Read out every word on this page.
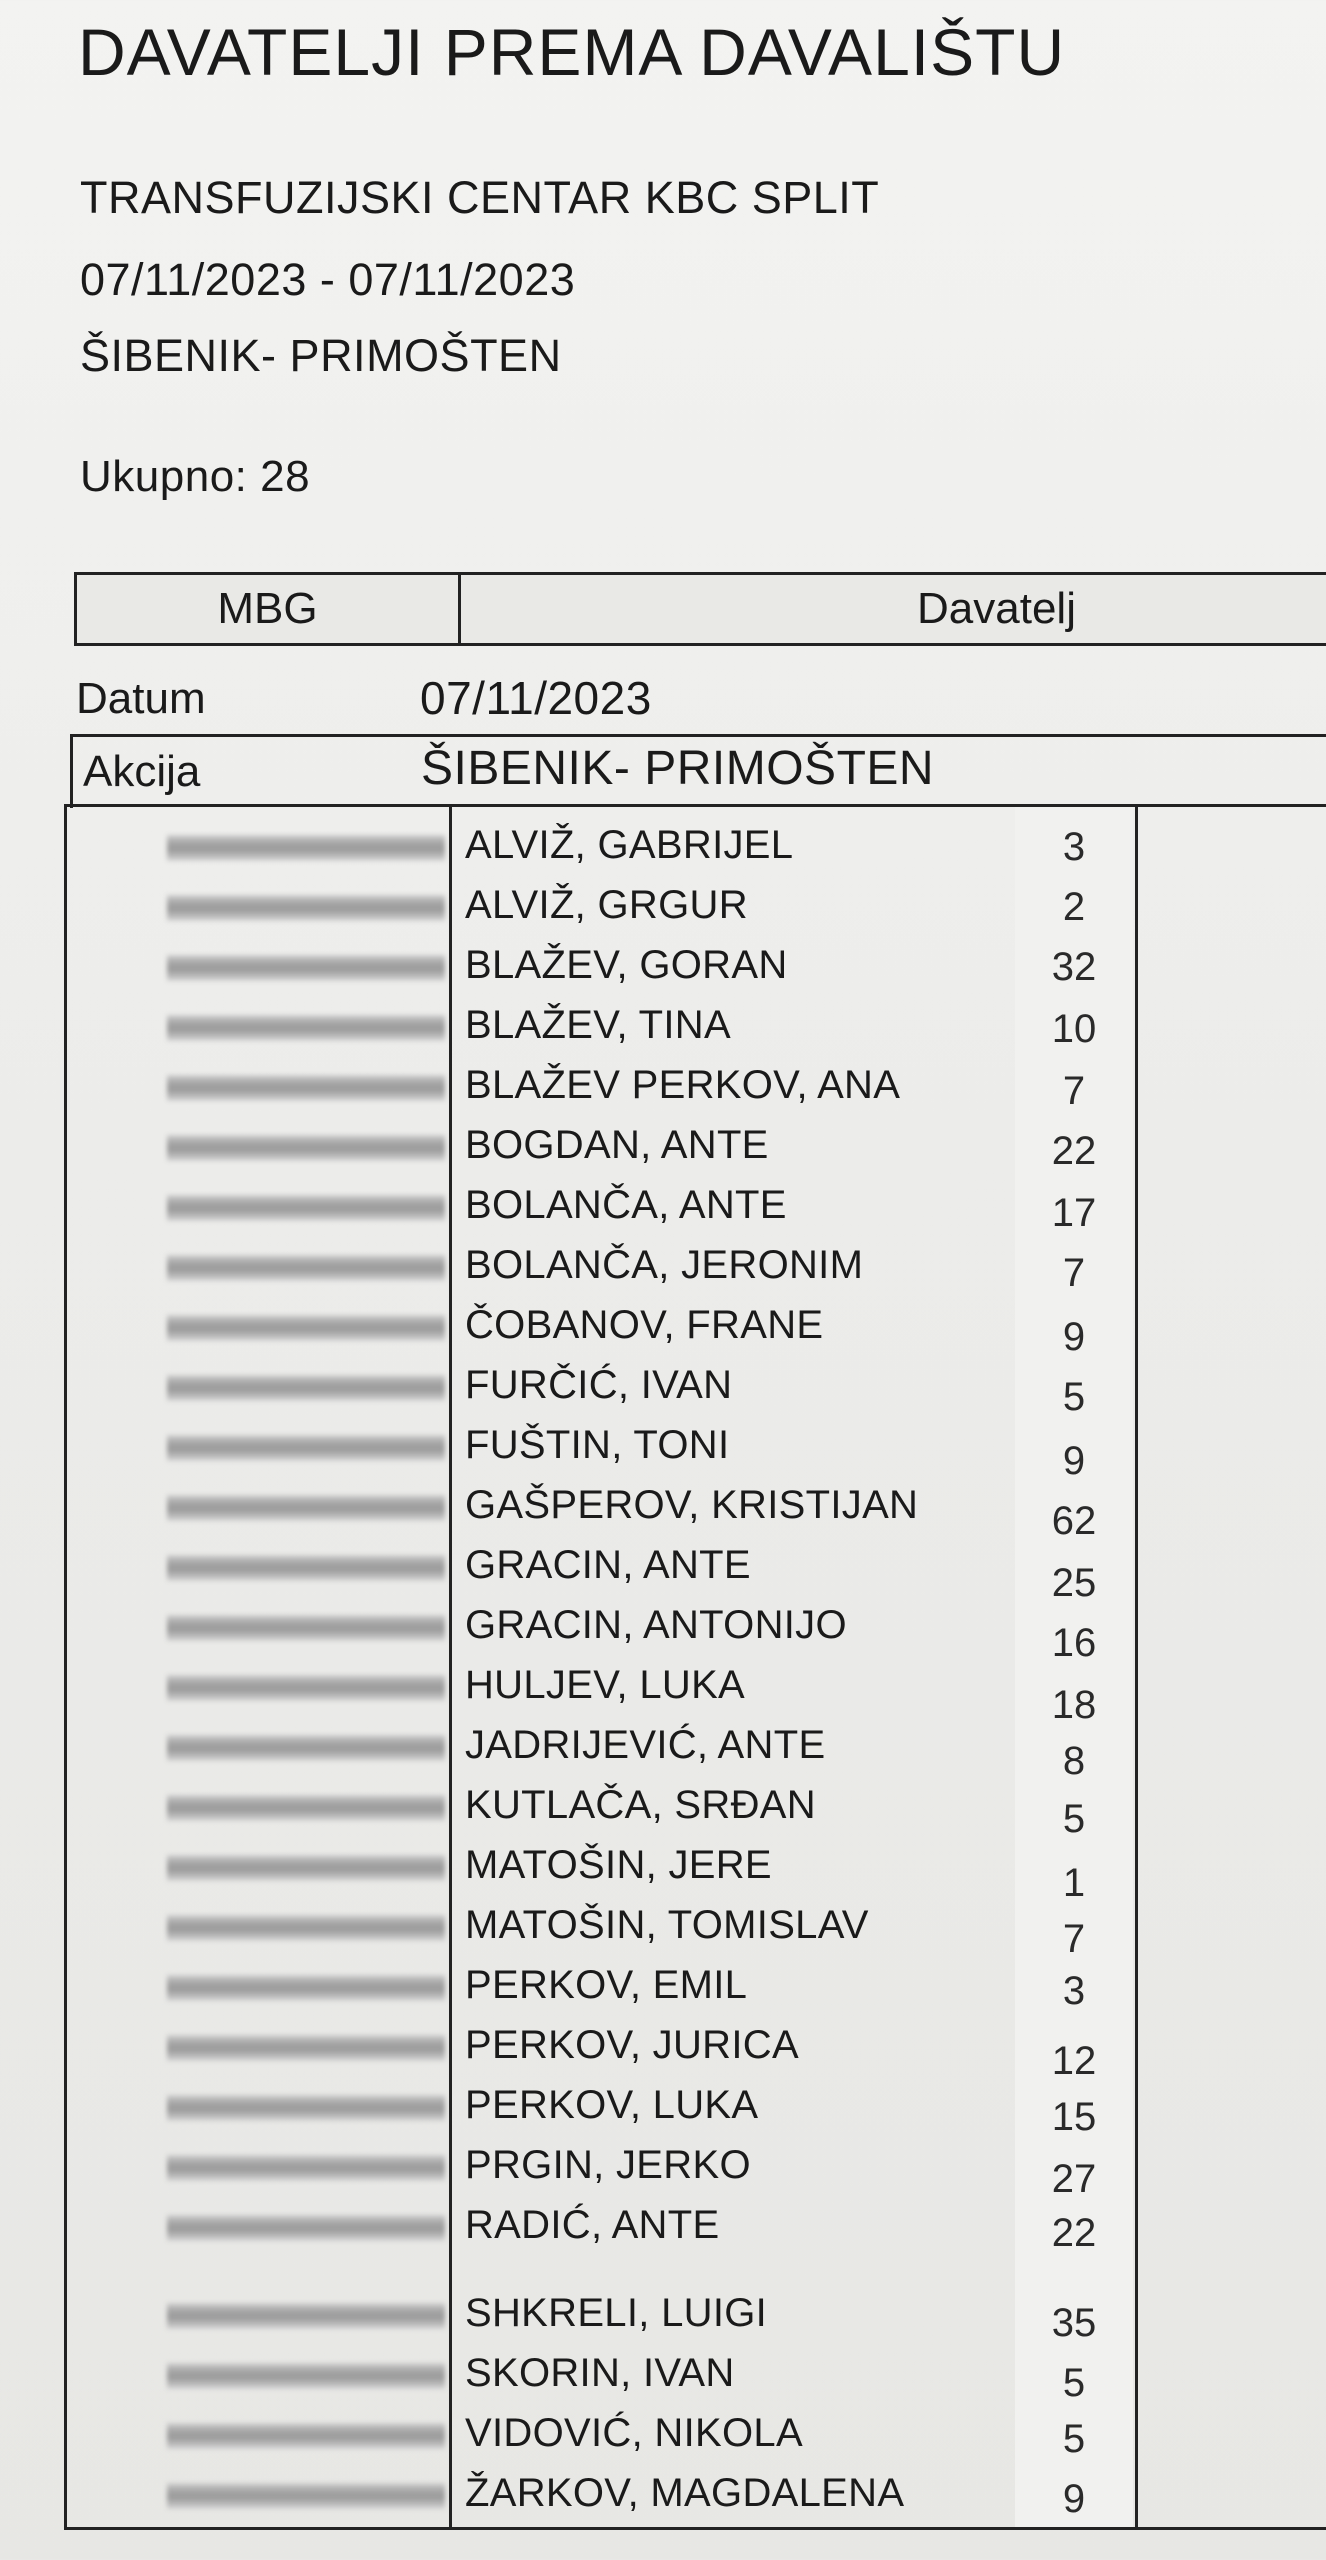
DAVATELJI PREMA DAVALIŠTU
TRANSFUZIJSKI CENTAR KBC SPLIT
07/11/2023 - 07/11/2023
ŠIBENIK- PRIMOŠTEN
Ukupno: 28
MBG	Davatelj
Datum	07/11/2023
Akcija	ŠIBENIK- PRIMOŠTEN
ALVIŽ, GABRIJEL	3
ALVIŽ, GRGUR	2
BLAŽEV, GORAN	32
BLAŽEV, TINA	10
BLAŽEV PERKOV, ANA	7
BOGDAN, ANTE	22
BOLANČA, ANTE	17
BOLANČA, JERONIM	7
ČOBANOV, FRANE	9
FURČIĆ, IVAN	5
FUŠTIN, TONI	9
GAŠPEROV, KRISTIJAN	62
GRACIN, ANTE	25
GRACIN, ANTONIJO	16
HULJEV, LUKA	18
JADRIJEVIĆ, ANTE	8
KUTLAČA, SRĐAN	5
MATOŠIN, JERE	1
MATOŠIN, TOMISLAV	7
PERKOV, EMIL	3
PERKOV, JURICA	12
PERKOV, LUKA	15
PRGIN, JERKO	27
RADIĆ, ANTE	22
SHKRELI, LUIGI	35
SKORIN, IVAN	5
VIDOVIĆ, NIKOLA	5
ŽARKOV, MAGDALENA	9
